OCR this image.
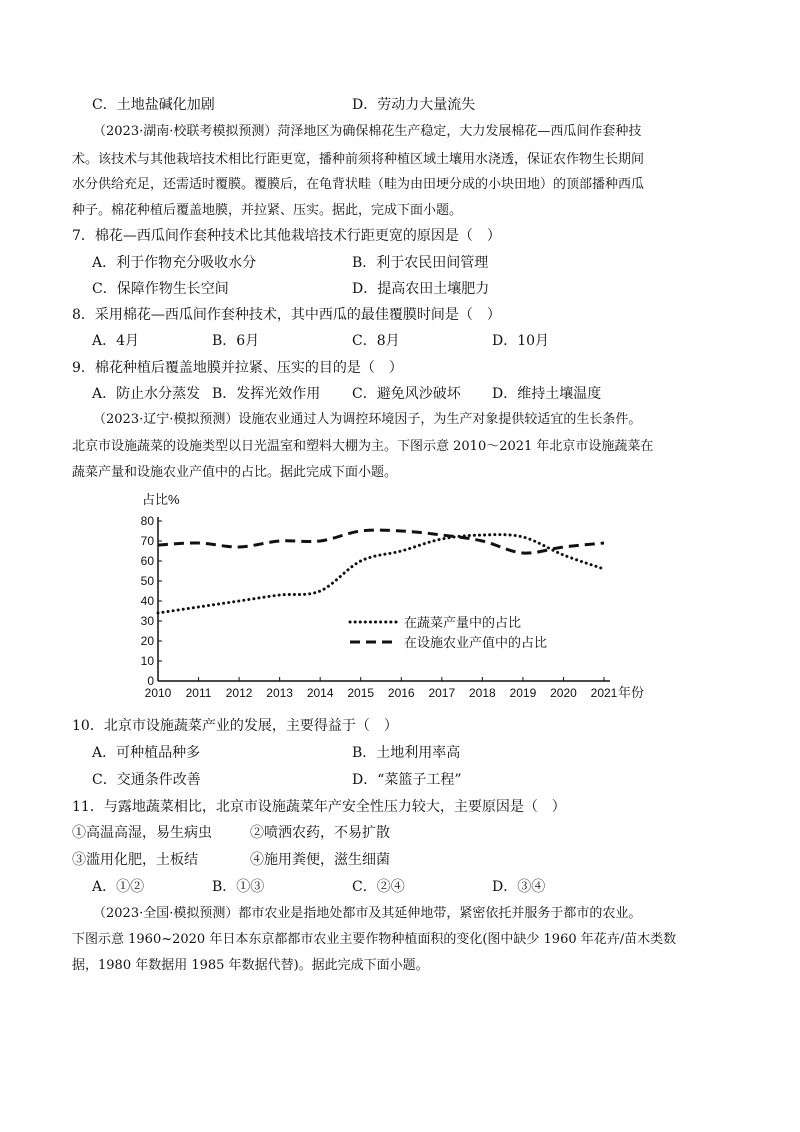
C．土地盐碱化加剧	D．劳动力大量流失
（2023·湖南·校联考模拟预测）菏泽地区为确保棉花生产稳定，大力发展棉花—西瓜间作套种技
术。该技术与其他栽培技术相比行距更宽，播种前须将种植区域土壤用水浇透，保证农作物生长期间
水分供给充足，还需适时覆膜。覆膜后，在龟背状畦（畦为由田埂分成的小块田地）的顶部播种西瓜
种子。棉花种植后覆盖地膜，并拉紧、压实。据此，完成下面小题。
7．棉花—西瓜间作套种技术比其他栽培技术行距更宽的原因是（　）
A．利于作物充分吸收水分	B．利于农民田间管理
C．保障作物生长空间	D．提高农田土壤肥力
8．采用棉花—西瓜间作套种技术，其中西瓜的最佳覆膜时间是（　）
A．4月	B．6月	C．8月	D．10月
9．棉花种植后覆盖地膜并拉紧、压实的目的是（　）
A．防止水分蒸发 B．发挥光效作用 C．避免风沙破坏 D．维持土壤温度
（2023·辽宁·模拟预测）设施农业通过人为调控环境因子，为生产对象提供较适宜的生长条件。
北京市设施蔬菜的设施类型以日光温室和塑料大棚为主。下图示意 2010～2021 年北京市设施蔬菜在
蔬菜产量和设施农业产值中的占比。据此完成下面小题。
0
10
20
30
40
50
60
70
80
2010 2011 2012 2013 2014 2015 2016 2017 2018 2019 2020 2021
占比%
年份
在蔬菜产量中的占比
在设施农业产值中的占比
10．北京市设施蔬菜产业的发展，主要得益于（　）
A．可种植品种多	B．土地利用率高
C．交通条件改善	D．“菜篮子工程”
11．与露地蔬菜相比，北京市设施蔬菜年产安全性压力较大，主要原因是（　）
①高温高湿，易生病虫	②喷洒农药，不易扩散
③滥用化肥，土板结	④施用粪便，滋生细菌
A．①②	B．①③	C．②④	D．③④
（2023·全国·模拟预测）都市农业是指地处都市及其延伸地带，紧密依托并服务于都市的农业。
下图示意 1960~2020 年日本东京都都市农业主要作物种植面积的变化(图中缺少 1960 年花卉/苗木类数
据，1980 年数据用 1985 年数据代替)。据此完成下面小题。
